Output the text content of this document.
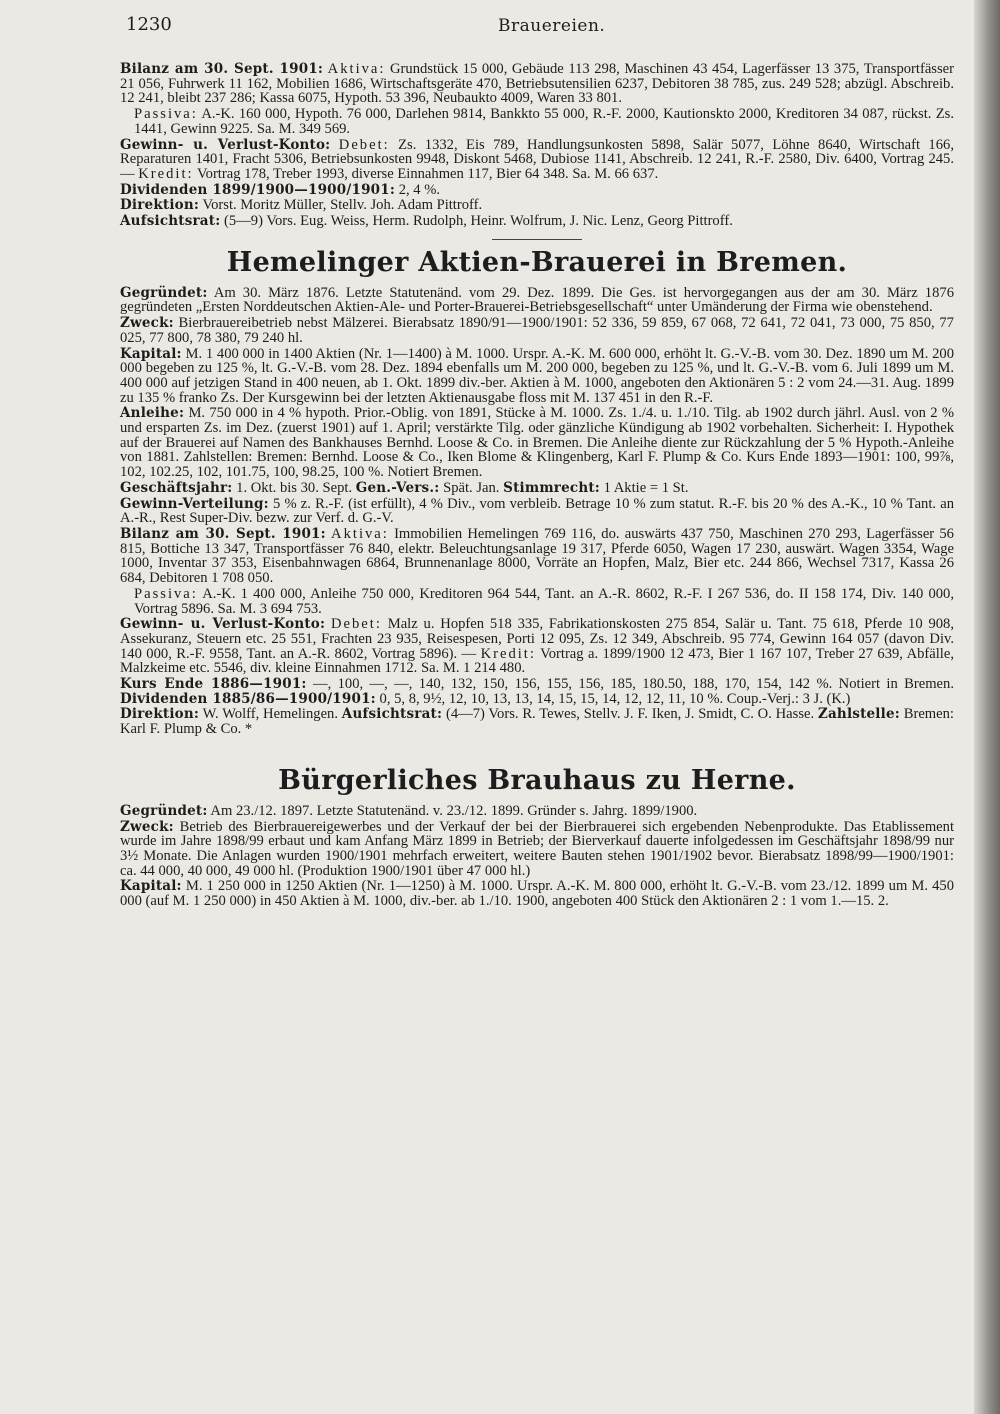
1230	Brauereien.

Bilanz am 30. Sept. 1901: Aktiva: Grundstück 15 000, Gebäude 113 298, Maschinen 43 454, Lagerfässer 13 375, Transportfässer 21 056, Fuhrwerk 11 162, Mobilien 1686, Wirtschaftsgeräte 470, Betriebsutensilien 6237, Debitoren 38 785, zus. 249 528; abzügl. Abschreib. 12 241, bleibt 237 286; Kassa 6075, Hypoth. 53 396, Neubaukto 4009, Waren 33 801.

Passiva: A.-K. 160 000, Hypoth. 76 000, Darlehen 9814, Bankkto 55 000, R.-F. 2000, Kautionskto 2000, Kreditoren 34 087, rückst. Zs. 1441, Gewinn 9225. Sa. M. 349 569.

Gewinn- u. Verlust-Konto: Debet: Zs. 1332, Eis 789, Handlungsunkosten 5898, Salär 5077, Löhne 8640, Wirtschaft 166, Reparaturen 1401, Fracht 5306, Betriebsunkosten 9948, Diskont 5468, Dubiose 1141, Abschreib. 12 241, R.-F. 2580, Div. 6400, Vortrag 245. — Kredit: Vortrag 178, Treber 1993, diverse Einnahmen 117, Bier 64 348. Sa. M. 66 637.

Dividenden 1899/1900—1900/1901: 2, 4 %.

Direktion: Vorst. Moritz Müller, Stellv. Joh. Adam Pittroff.

Aufsichtsrat: (5—9) Vors. Eug. Weiss, Herm. Rudolph, Heinr. Wolfrum, J. Nic. Lenz, Georg Pittroff.

Hemelinger Aktien-Brauerei in Bremen.

Gegründet: Am 30. März 1876. Letzte Statutenänd. vom 29. Dez. 1899. Die Ges. ist hervorgegangen aus der am 30. März 1876 gegründeten „Ersten Norddeutschen Aktien-Ale- und Porter-Brauerei-Betriebsgesellschaft“ unter Umänderung der Firma wie obenstehend.

Zweck: Bierbrauereibetrieb nebst Mälzerei. Bierabsatz 1890/91—1900/1901: 52 336, 59 859, 67 068, 72 641, 72 041, 73 000, 75 850, 77 025, 77 800, 78 380, 79 240 hl.

Kapital: M. 1 400 000 in 1400 Aktien (Nr. 1—1400) à M. 1000. Urspr. A.-K. M. 600 000, erhöht lt. G.-V.-B. vom 30. Dez. 1890 um M. 200 000 begeben zu 125 %, lt. G.-V.-B. vom 28. Dez. 1894 ebenfalls um M. 200 000, begeben zu 125 %, und lt. G.-V.-B. vom 6. Juli 1899 um M. 400 000 auf jetzigen Stand in 400 neuen, ab 1. Okt. 1899 div.-ber. Aktien à M. 1000, angeboten den Aktionären 5 : 2 vom 24.—31. Aug. 1899 zu 135 % franko Zs. Der Kursgewinn bei der letzten Aktienausgabe floss mit M. 137 451 in den R.-F.

Anleihe: M. 750 000 in 4 % hypoth. Prior.-Oblig. von 1891, Stücke à M. 1000. Zs. 1./4. u. 1./10. Tilg. ab 1902 durch jährl. Ausl. von 2 % und ersparten Zs. im Dez. (zuerst 1901) auf 1. April; verstärkte Tilg. oder gänzliche Kündigung ab 1902 vorbehalten. Sicherheit: I. Hypothek auf der Brauerei auf Namen des Bankhauses Bernhd. Loose & Co. in Bremen. Die Anleihe diente zur Rückzahlung der 5 % Hypoth.-Anleihe von 1881. Zahlstellen: Bremen: Bernhd. Loose & Co., Iken Blome & Klingenberg, Karl F. Plump & Co. Kurs Ende 1893—1901: 100, 99⅞, 102, 102.25, 102, 101.75, 100, 98.25, 100 %. Notiert Bremen.

Geschäftsjahr: 1. Okt. bis 30. Sept. Gen.-Vers.: Spät. Jan. Stimmrecht: 1 Aktie = 1 St.

Gewinn-Verteilung: 5 % z. R.-F. (ist erfüllt), 4 % Div., vom verbleib. Betrage 10 % zum statut. R.-F. bis 20 % des A.-K., 10 % Tant. an A.-R., Rest Super-Div. bezw. zur Verf. d. G.-V.

Bilanz am 30. Sept. 1901: Aktiva: Immobilien Hemelingen 769 116, do. auswärts 437 750, Maschinen 270 293, Lagerfässer 56 815, Bottiche 13 347, Transportfässer 76 840, elektr. Beleuchtungsanlage 19 317, Pferde 6050, Wagen 17 230, auswärt. Wagen 3354, Wage 1000, Inventar 37 353, Eisenbahnwagen 6864, Brunnenanlage 8000, Vorräte an Hopfen, Malz, Bier etc. 244 866, Wechsel 7317, Kassa 26 684, Debitoren 1 708 050.

Passiva: A.-K. 1 400 000, Anleihe 750 000, Kreditoren 964 544, Tant. an A.-R. 8602, R.-F. I 267 536, do. II 158 174, Div. 140 000, Vortrag 5896. Sa. M. 3 694 753.

Gewinn- u. Verlust-Konto: Debet: Malz u. Hopfen 518 335, Fabrikationskosten 275 854, Salär u. Tant. 75 618, Pferde 10 908, Assekuranz, Steuern etc. 25 551, Frachten 23 935, Reisespesen, Porti 12 095, Zs. 12 349, Abschreib. 95 774, Gewinn 164 057 (davon Div. 140 000, R.-F. 9558, Tant. an A.-R. 8602, Vortrag 5896). — Kredit: Vortrag a. 1899/1900 12 473, Bier 1 167 107, Treber 27 639, Abfälle, Malzkeime etc. 5546, div. kleine Einnahmen 1712. Sa. M. 1 214 480.

Kurs Ende 1886—1901: —, 100, —, —, 140, 132, 150, 156, 155, 156, 185, 180.50, 188, 170, 154, 142 %. Notiert in Bremen. Dividenden 1885/86—1900/1901: 0, 5, 8, 9½, 12, 10, 13, 13, 14, 15, 15, 14, 12, 12, 11, 10 %. Coup.-Verj.: 3 J. (K.)

Direktion: W. Wolff, Hemelingen. Aufsichtsrat: (4—7) Vors. R. Tewes, Stellv. J. F. Iken, J. Smidt, C. O. Hasse. Zahlstelle: Bremen: Karl F. Plump & Co. *

Bürgerliches Brauhaus zu Herne.

Gegründet: Am 23./12. 1897. Letzte Statutenänd. v. 23./12. 1899. Gründer s. Jahrg. 1899/1900.

Zweck: Betrieb des Bierbrauereigewerbes und der Verkauf der bei der Bierbrauerei sich ergebenden Nebenprodukte. Das Etablissement wurde im Jahre 1898/99 erbaut und kam Anfang März 1899 in Betrieb; der Bierverkauf dauerte infolgedessen im Geschäftsjahr 1898/99 nur 3½ Monate. Die Anlagen wurden 1900/1901 mehrfach erweitert, weitere Bauten stehen 1901/1902 bevor. Bierabsatz 1898/99—1900/1901: ca. 44 000, 40 000, 49 000 hl. (Produktion 1900/1901 über 47 000 hl.)

Kapital: M. 1 250 000 in 1250 Aktien (Nr. 1—1250) à M. 1000. Urspr. A.-K. M. 800 000, erhöht lt. G.-V.-B. vom 23./12. 1899 um M. 450 000 (auf M. 1 250 000) in 450 Aktien à M. 1000, div.-ber. ab 1./10. 1900, angeboten 400 Stück den Aktionären 2 : 1 vom 1.—15. 2.
